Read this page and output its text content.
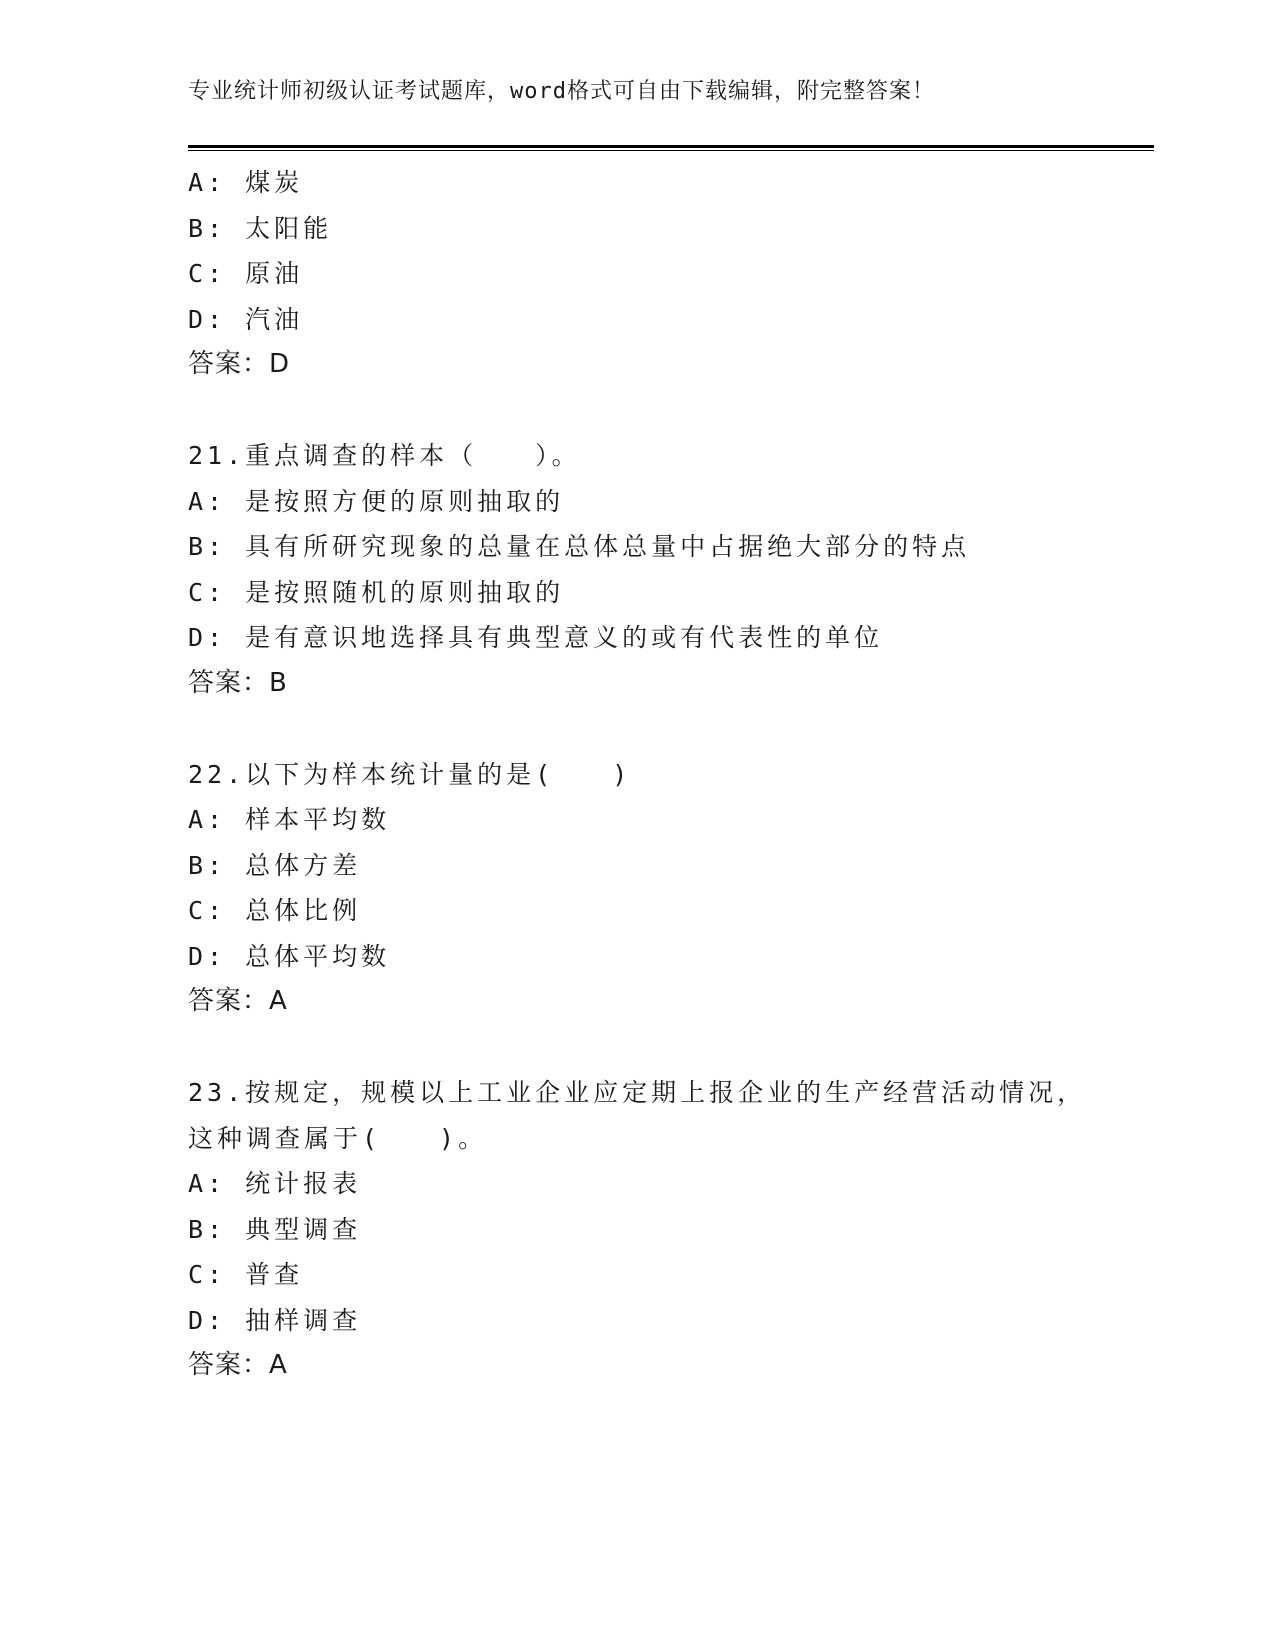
专业统计师初级认证考试题库，word格式可自由下载编辑，附完整答案！
A: 煤炭
B: 太阳能
C: 原油
D: 汽油
答案：D
21.重点调查的样本（　　）。
A: 是按照方便的原则抽取的
B: 具有所研究现象的总量在总体总量中占据绝大部分的特点
C: 是按照随机的原则抽取的
D: 是有意识地选择具有典型意义的或有代表性的单位
答案：B
22.以下为样本统计量的是(　　)
A: 样本平均数
B: 总体方差
C: 总体比例
D: 总体平均数
答案：A
23.按规定，规模以上工业企业应定期上报企业的生产经营活动情况，
这种调查属于(　　)。
A: 统计报表
B: 典型调查
C: 普查
D: 抽样调查
答案：A
